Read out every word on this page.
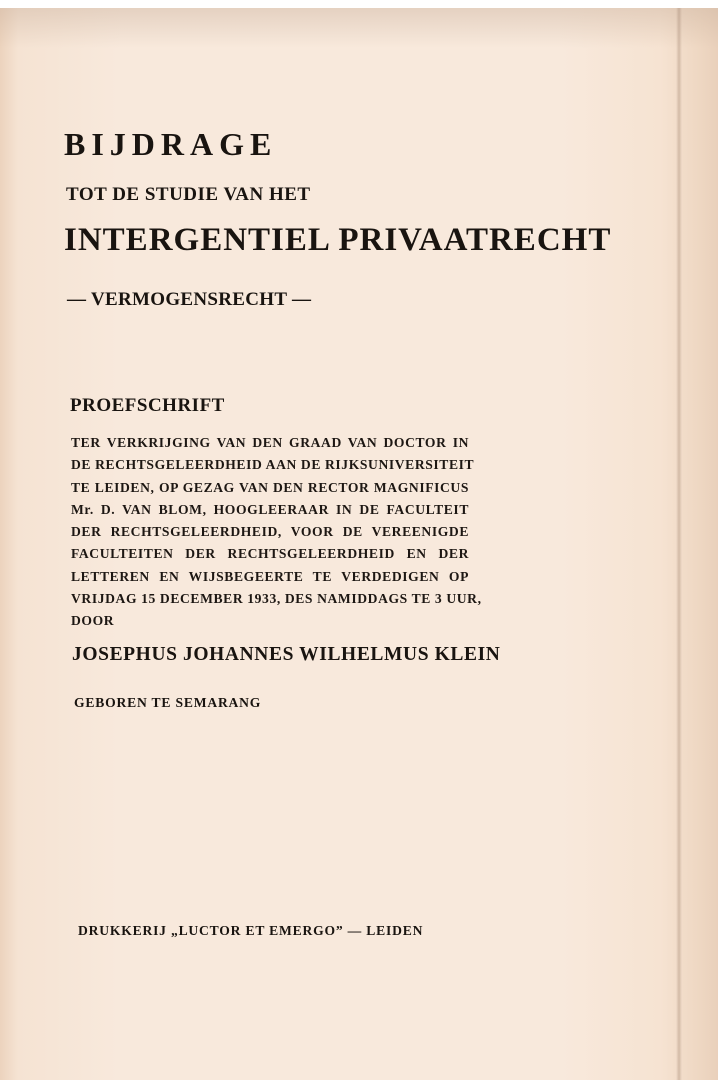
BIJDRAGE
TOT DE STUDIE VAN HET
INTERGENTIEL PRIVAATRECHT
— VERMOGENSRECHT —
PROEFSCHRIFT
TER VERKRIJGING VAN DEN GRAAD VAN DOCTOR IN
DE RECHTSGELEERDHEID AAN DE RIJKSUNIVERSITEIT
TE LEIDEN, OP GEZAG VAN DEN RECTOR MAGNIFICUS
Mr. D. VAN BLOM, HOOGLEERAAR IN DE FACULTEIT
DER RECHTSGELEERDHEID, VOOR DE VEREENIGDE
FACULTEITEN DER RECHTSGELEERDHEID EN DER
LETTEREN EN WIJSBEGEERTE TE VERDEDIGEN OP
VRIJDAG 15 DECEMBER 1933, DES NAMIDDAGS TE 3 UUR,
DOOR
JOSEPHUS JOHANNES WILHELMUS KLEIN
GEBOREN TE SEMARANG
DRUKKERIJ „LUCTOR ET EMERGO” — LEIDEN
